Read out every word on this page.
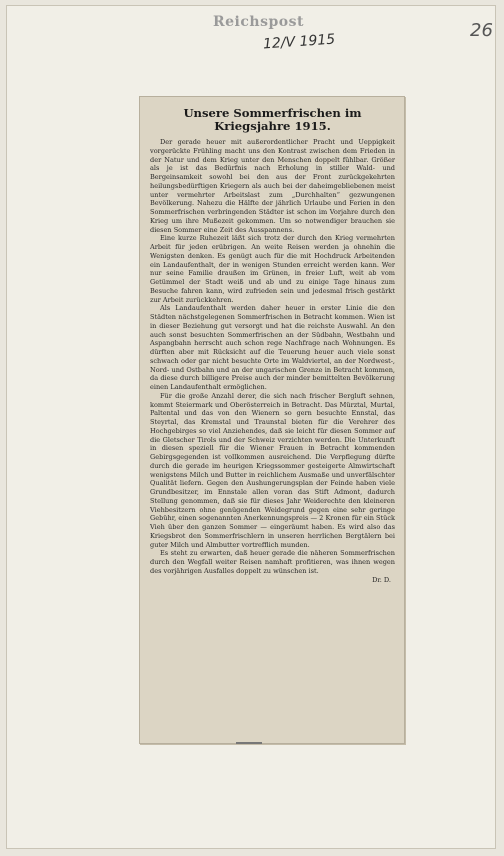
Reichspost
12/V 1915
26
Unsere Sommerfrischen im Kriegsjahre 1915.

Der gerade heuer mit außerordentlicher Pracht und Ueppigkeit vorgerückte Frühling macht uns den Kontrast zwischen dem Frieden in der Natur und dem Krieg unter den Menschen doppelt fühlbar. Größer als je ist das Bedürfnis nach Erholung in stiller Wald- und Bergeinsamkeit sowohl bei den aus der Front zurückgekehrten heilungsbedürftigen Kriegern als auch bei der daheimgebliebenen meist unter vermehrter Arbeitslast zum „Durchhalten“ gezwungenen Bevölkerung. Nahezu die Hälfte der jährlich Urlaube und Ferien in den Sommerfrischen verbringenden Städter ist schon im Vorjahre durch den Krieg um ihre Mußezeit gekommen. Um so notwendiger brauchen sie diesen Sommer eine Zeit des Ausspannens.

Eine kurze Ruhezeit läßt sich trotz der durch den Krieg vermehrten Arbeit für jeden erübrigen. An weite Reisen werden ja ohnehin die Wenigsten denken. Es genügt auch für die mit Hochdruck Arbeitenden ein Landaufenthalt, der in wenigen Stunden erreicht werden kann. Wer nur seine Familie draußen im Grünen, in freier Luft, weit ab vom Getümmel der Stadt weiß und ab und zu einige Tage hinaus zum Besuche fahren kann, wird zufrieden sein und jedesmal frisch gestärkt zur Arbeit zurückkehren.

Als Landaufenthalt werden daher heuer in erster Linie die den Städten nächstgelegenen Sommerfrischen in Betracht kommen. Wien ist in dieser Beziehung gut versorgt und hat die reichste Auswahl. An den auch sonst besuchten Sommerfrischen an der Südbahn, Westbahn und Aspangbahn herrscht auch schon rege Nachfrage nach Wohnungen. Es dürften aber mit Rücksicht auf die Teuerung heuer auch viele sonst schwach oder gar nicht besuchte Orte im Waldviertel, an der Nordwest-, Nord- und Ostbahn und an der ungarischen Grenze in Betracht kommen, da diese durch billigere Preise auch der minder bemittelten Bevölkerung einen Landaufenthalt ermöglichen.

Für die große Anzahl derer, die sich nach frischer Bergluft sehnen, kommt Steiermark und Oberösterreich in Betracht. Das Mürztal, Murtal, Paltental und das von den Wienern so gern besuchte Ennstal, das Steyrtal, das Kremstal und Traunstal bieten für die Verehrer des Hochgebirges so viel Anziehendes, daß sie leicht für diesen Sommer auf die Gletscher Tirols und der Schweiz verzichten werden. Die Unterkunft in diesen speziell für die Wiener Frauen in Betracht kommenden Gebirgsgegenden ist vollkommen ausreichend. Die Verpflegung dürfte durch die gerade im heurigen Kriegssommer gesteigerte Almwirtschaft wenigstens Milch und Butter in reichlichem Ausmaße und unverfälschter Qualität liefern. Gegen den Aushungerungsplan der Feinde haben viele Grundbesitzer, im Ennstale allen voran das Stift Admont, dadurch Stellung genommen, daß sie für dieses Jahr Weiderechte den kleineren Viehbesitzern ohne genügenden Weidegrund gegen eine sehr geringe Gebühr, einen sogenannten Anerkennungspreis — 2 Kronen für ein Stück Vieh über den ganzen Sommer — eingeräumt haben. Es wird also das Kriegsbrot den Sommerfrischlern in unseren herrlichen Bergtälern bei guter Milch und Almbutter vortrefflich munden.

Es steht zu erwarten, daß heuer gerade die näheren Sommerfrischen durch den Wegfall weiter Reisen namhaft profitieren, was ihnen wegen des vorjährigen Ausfalles doppelt zu wünschen ist.

Dr. D.
